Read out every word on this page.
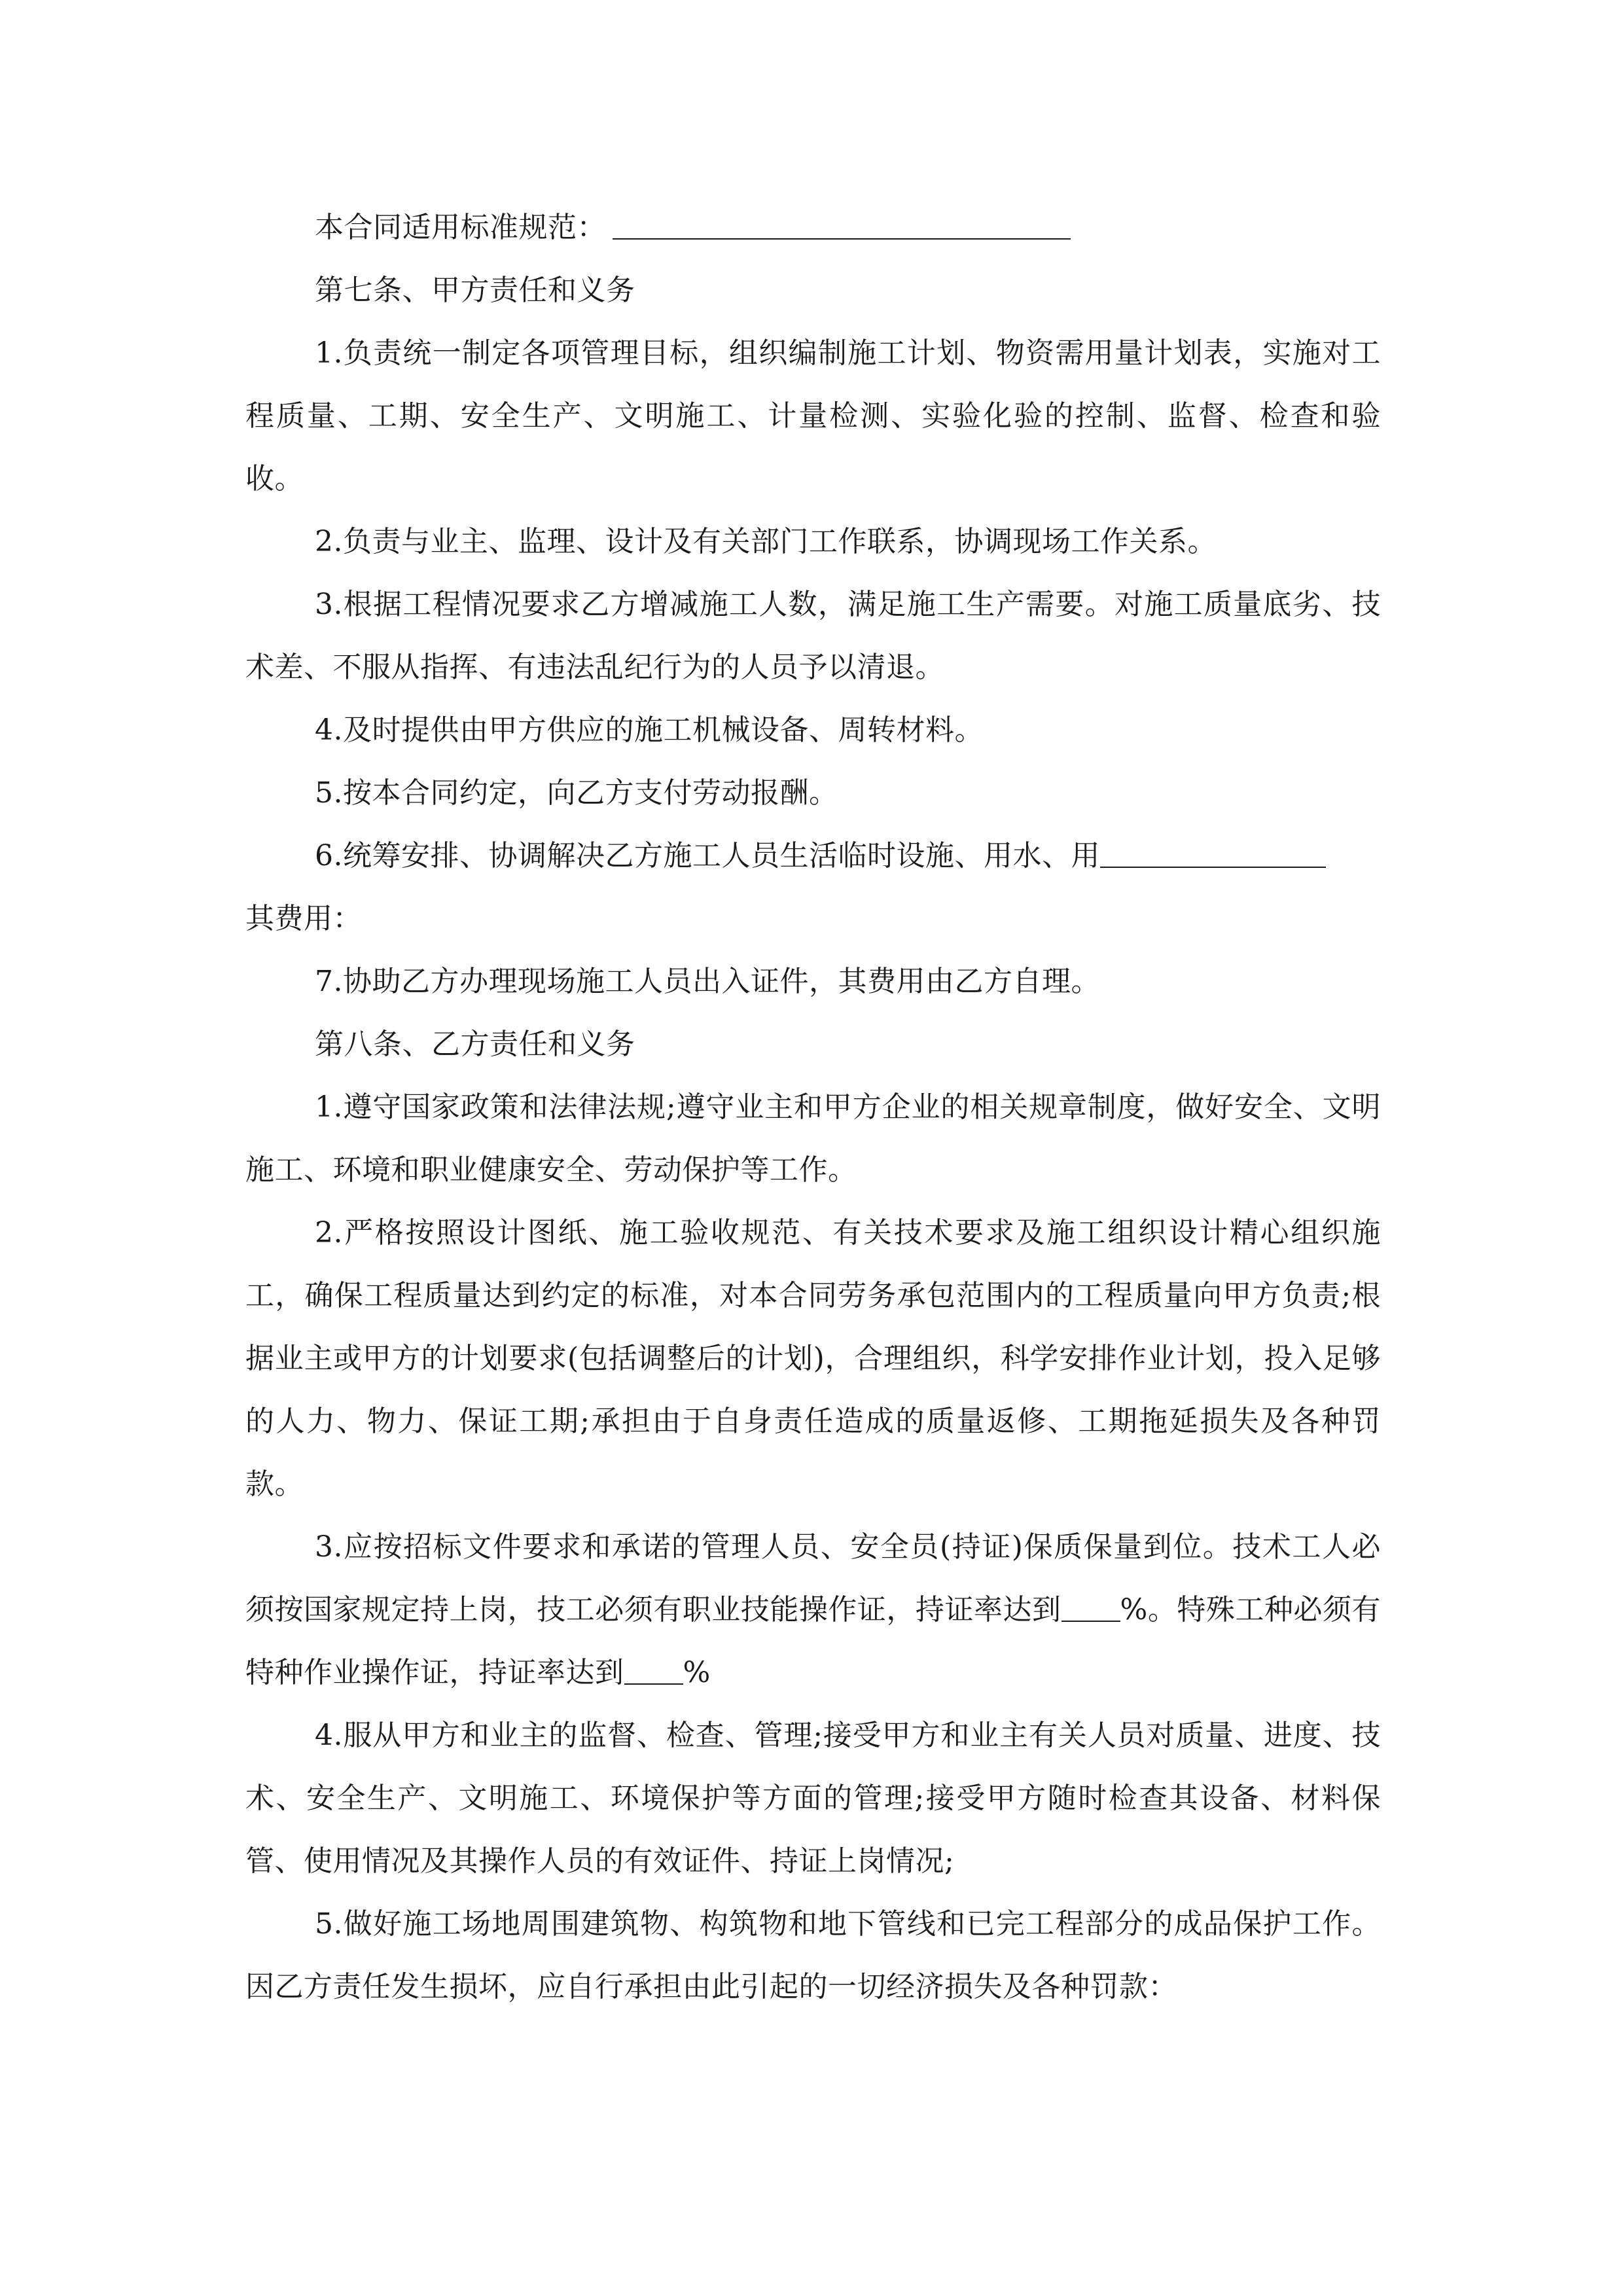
本合同适用标准规范：

第七条、甲方责任和义务

1.负责统一制定各项管理目标，组织编制施工计划、物资需用量计划表，实施对工程质量、工期、安全生产、文明施工、计量检测、实验化验的控制、监督、检查和验收。

2.负责与业主、监理、设计及有关部门工作联系，协调现场工作关系。

3.根据工程情况要求乙方增减施工人数，满足施工生产需要。对施工质量底劣、技术差、不服从指挥、有违法乱纪行为的人员予以清退。

4.及时提供由甲方供应的施工机械设备、周转材料。

5.按本合同约定，向乙方支付劳动报酬。

6.统筹安排、协调解决乙方施工人员生活临时设施、用水、用

其费用：

7.协助乙方办理现场施工人员出入证件，其费用由乙方自理。

第八条、乙方责任和义务

1.遵守国家政策和法律法规;遵守业主和甲方企业的相关规章制度，做好安全、文明施工、环境和职业健康安全、劳动保护等工作。

2.严格按照设计图纸、施工验收规范、有关技术要求及施工组织设计精心组织施工，确保工程质量达到约定的标准，对本合同劳务承包范围内的工程质量向甲方负责;根据业主或甲方的计划要求(包括调整后的计划)，合理组织，科学安排作业计划，投入足够的人力、物力、保证工期;承担由于自身责任造成的质量返修、工期拖延损失及各种罚款。

3.应按招标文件要求和承诺的管理人员、安全员(持证)保质保量到位。技术工人必须按国家规定持上岗，技工必须有职业技能操作证，持证率达到 %。特殊工种必须有特种作业操作证，持证率达到 %

4.服从甲方和业主的监督、检查、管理;接受甲方和业主有关人员对质量、进度、技术、安全生产、文明施工、环境保护等方面的管理;接受甲方随时检查其设备、材料保管、使用情况及其操作人员的有效证件、持证上岗情况;

5.做好施工场地周围建筑物、构筑物和地下管线和已完工程部分的成品保护工作。因乙方责任发生损坏，应自行承担由此引起的一切经济损失及各种罚款：
